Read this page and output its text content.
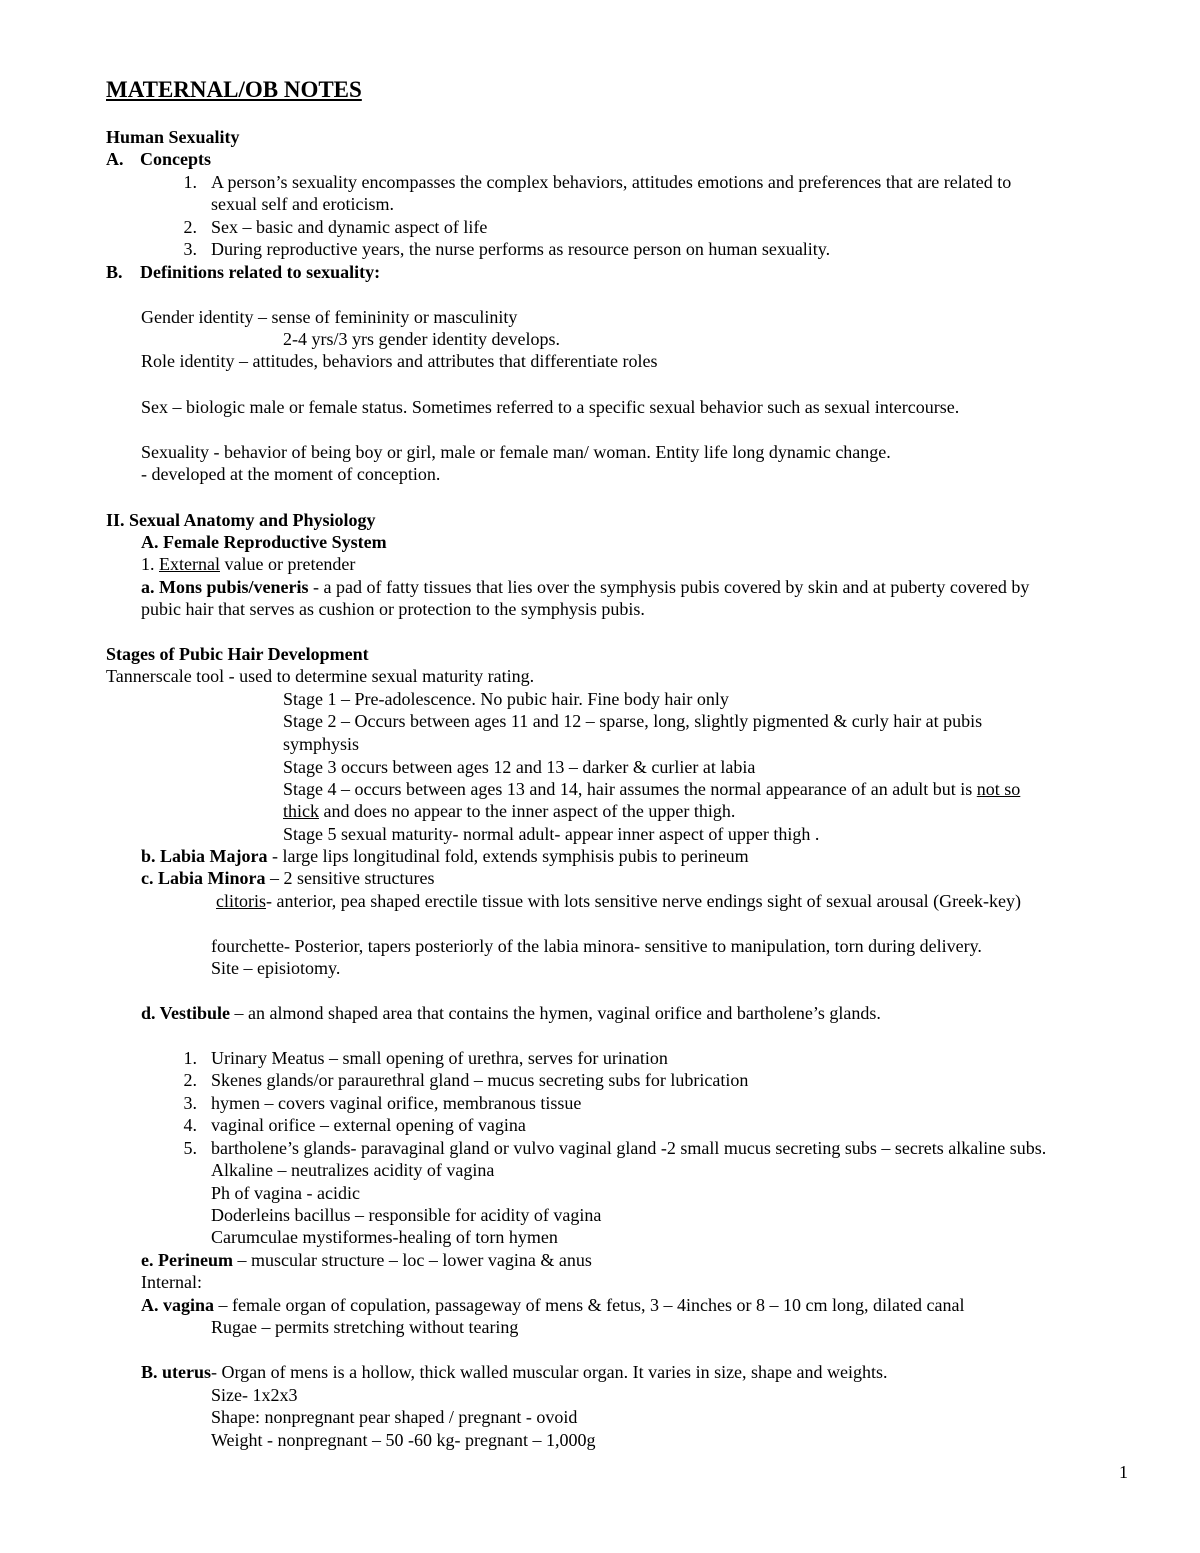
MATERNAL/OB NOTES
Human Sexuality
A. Concepts
1. A person’s sexuality encompasses the complex behaviors, attitudes emotions and preferences that are related to
sexual self and eroticism.
2. Sex – basic and dynamic aspect of life
3. During reproductive years, the nurse performs as resource person on human sexuality.
B. Definitions related to sexuality:
Gender identity – sense of femininity or masculinity
2-4 yrs/3 yrs gender identity develops.
Role identity – attitudes, behaviors and attributes that differentiate roles
Sex – biologic male or female status. Sometimes referred to a specific sexual behavior such as sexual intercourse.
Sexuality - behavior of being boy or girl, male or female man/ woman. Entity life long dynamic change.
- developed at the moment of conception.
II. Sexual Anatomy and Physiology
A. Female Reproductive System
1. External value or pretender
a. Mons pubis/veneris - a pad of fatty tissues that lies over the symphysis pubis covered by skin and at puberty covered by
pubic hair that serves as cushion or protection to the symphysis pubis.
Stages of Pubic Hair Development
Tannerscale tool - used to determine sexual maturity rating.
Stage 1 – Pre-adolescence. No pubic hair. Fine body hair only
Stage 2 – Occurs between ages 11 and 12 – sparse, long, slightly pigmented & curly hair at pubis
symphysis
Stage 3 occurs between ages 12 and 13 – darker & curlier at labia
Stage 4 – occurs between ages 13 and 14, hair assumes the normal appearance of an adult but is not so
thick and does no appear to the inner aspect of the upper thigh.
Stage 5 sexual maturity- normal adult- appear inner aspect of upper thigh .
b. Labia Majora - large lips longitudinal fold, extends symphisis pubis to perineum
c. Labia Minora – 2 sensitive structures
clitoris- anterior, pea shaped erectile tissue with lots sensitive nerve endings sight of sexual arousal (Greek-key)
fourchette- Posterior, tapers posteriorly of the labia minora- sensitive to manipulation, torn during delivery.
Site – episiotomy.
d. Vestibule – an almond shaped area that contains the hymen, vaginal orifice and bartholene’s glands.
1. Urinary Meatus – small opening of urethra, serves for urination
2. Skenes glands/or paraurethral gland – mucus secreting subs for lubrication
3. hymen – covers vaginal orifice, membranous tissue
4. vaginal orifice – external opening of vagina
5. bartholene’s glands- paravaginal gland or vulvo vaginal gland -2 small mucus secreting subs – secrets alkaline subs.
Alkaline – neutralizes acidity of vagina
Ph of vagina - acidic
Doderleins bacillus – responsible for acidity of vagina
Carumculae mystiformes-healing of torn hymen
e. Perineum – muscular structure – loc – lower vagina & anus
Internal:
A. vagina – female organ of copulation, passageway of mens & fetus, 3 – 4inches or 8 – 10 cm long, dilated canal
Rugae – permits stretching without tearing
B. uterus- Organ of mens is a hollow, thick walled muscular organ. It varies in size, shape and weights.
Size- 1x2x3
Shape: nonpregnant pear shaped / pregnant - ovoid
Weight - nonpregnant – 50 -60 kg- pregnant – 1,000g
1
